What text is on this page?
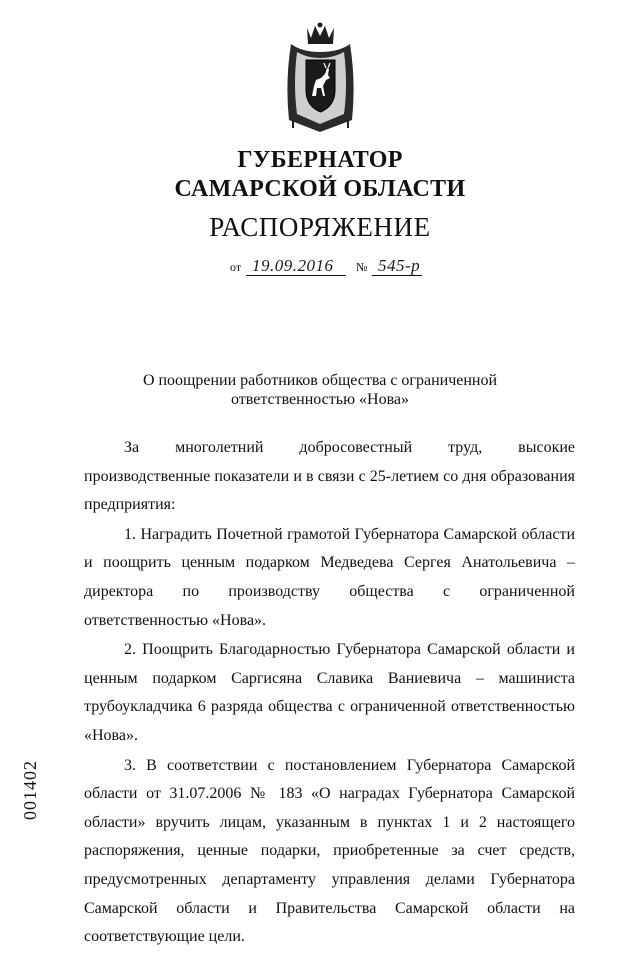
ГУБЕРНАТОР
САМАРСКОЙ ОБЛАСТИ
РАСПОРЯЖЕНИЕ
от 19.09.2016 № 545-р
О поощрении работников общества с ограниченной ответственностью «Нова»

За многолетний добросовестный труд, высокие производственные показатели и в связи с 25-летием со дня образования предприятия:

1. Наградить Почетной грамотой Губернатора Самарской области и поощрить ценным подарком Медведева Сергея Анатольевича – директора по производству общества с ограниченной ответственностью «Нова».

2. Поощрить Благодарностью Губернатора Самарской области и ценным подарком Саргисяна Славика Ваниевича – машиниста трубоукладчика 6 разряда общества с ограниченной ответственностью «Нова».

3. В соответствии с постановлением Губернатора Самарской области от 31.07.2006 № 183 «О наградах Губернатора Самарской области» вручить лицам, указанным в пунктах 1 и 2 настоящего распоряжения, ценные подарки, приобретенные за счет средств, предусмотренных департаменту управления делами Губернатора Самарской области и Правительства Самарской области на соответствующие цели.

001402
